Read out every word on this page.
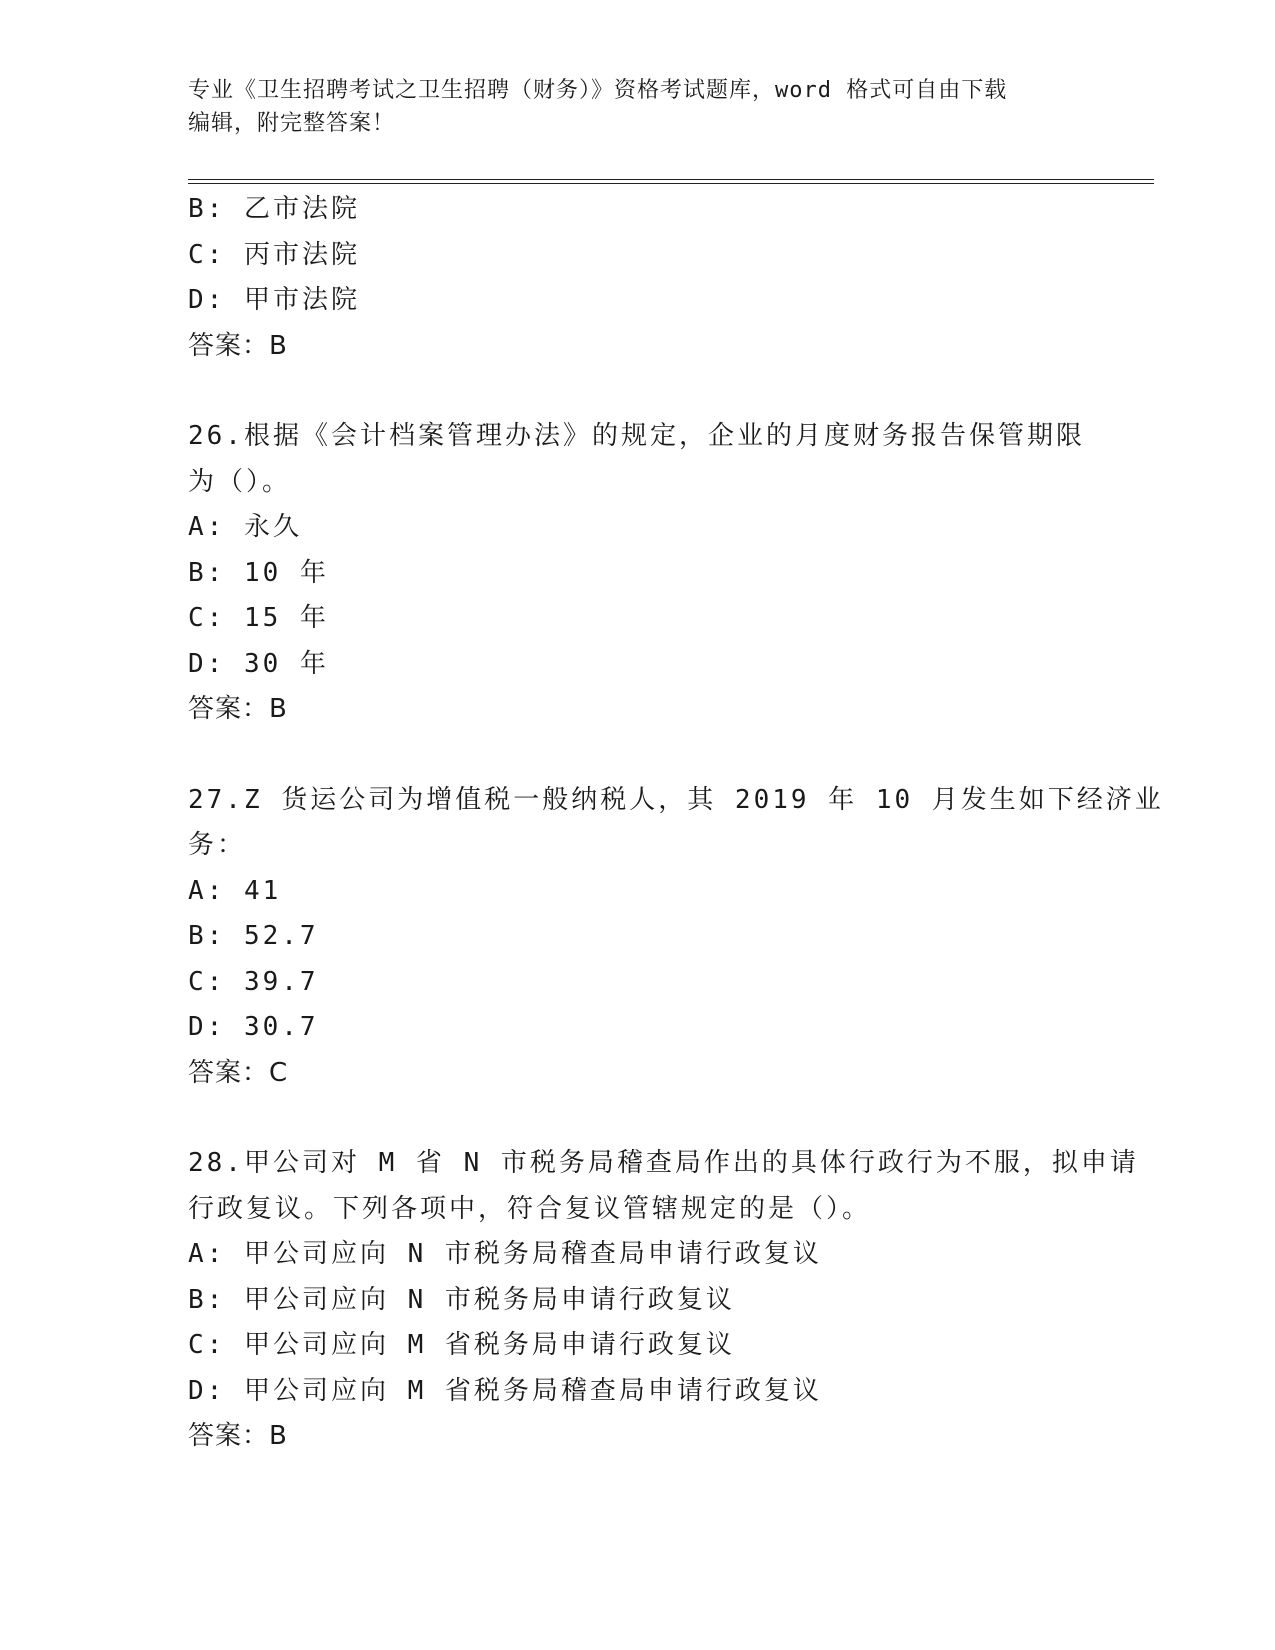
专业《卫生招聘考试之卫生招聘（财务）》资格考试题库，word 格式可自由下载
编辑，附完整答案！
B: 乙市法院
C: 丙市法院
D: 甲市法院
答案：B
26.根据《会计档案管理办法》的规定，企业的月度财务报告保管期限
为（）。
A: 永久
B: 10 年
C: 15 年
D: 30 年
答案：B
27.Z 货运公司为增值税一般纳税人，其 2019 年 10 月发生如下经济业
务：
A: 41
B: 52.7
C: 39.7
D: 30.7
答案：C
28.甲公司对 M 省 N 市税务局稽查局作出的具体行政行为不服，拟申请
行政复议。下列各项中，符合复议管辖规定的是（）。
A: 甲公司应向 N 市税务局稽查局申请行政复议
B: 甲公司应向 N 市税务局申请行政复议
C: 甲公司应向 M 省税务局申请行政复议
D: 甲公司应向 M 省税务局稽查局申请行政复议
答案：B
